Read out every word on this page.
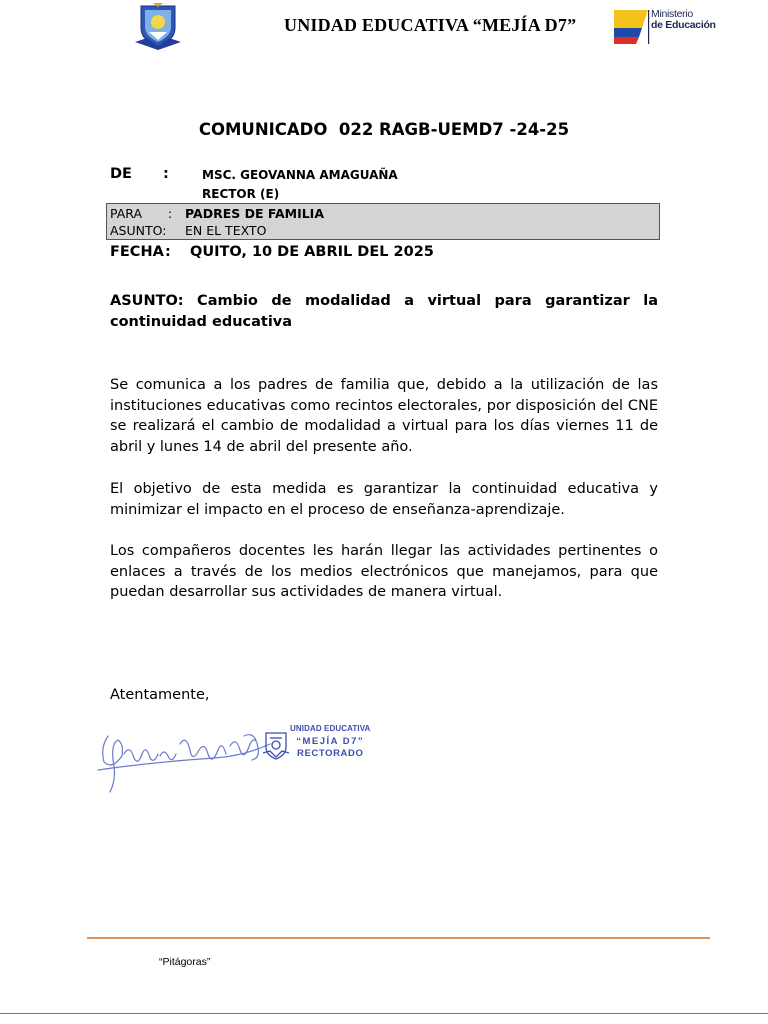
UNIDAD EDUCATIVA “MEJÍA D7”
Ministerio
de Educación
COMUNICADO  022 RAGB-UEMD7 -24-25
DE :	MSC. GEOVANNA AMAGUAÑA
RECTOR (E)
PARA : PADRES DE FAMILIA
ASUNTO: EN EL TEXTO
FECHA : QUITO, 10 DE ABRIL DEL 2025
ASUNTO: Cambio de modalidad a virtual para garantizar la continuidad educativa
Se comunica a los padres de familia que, debido a la utilización de las instituciones educativas como recintos electorales, por disposición del CNE se realizará el cambio de modalidad a virtual para los días viernes 11 de abril y lunes 14 de abril del presente año.
El objetivo de esta medida es garantizar la continuidad educativa y minimizar el impacto en el proceso de enseñanza-aprendizaje.
Los compañeros docentes les harán llegar las actividades pertinentes o enlaces a través de los medios electrónicos que manejamos, para que puedan desarrollar sus actividades de manera virtual.
Atentamente,
UNIDAD EDUCATIVA
“MEJÍA D7”
RECTORADO
“Pitágoras”
